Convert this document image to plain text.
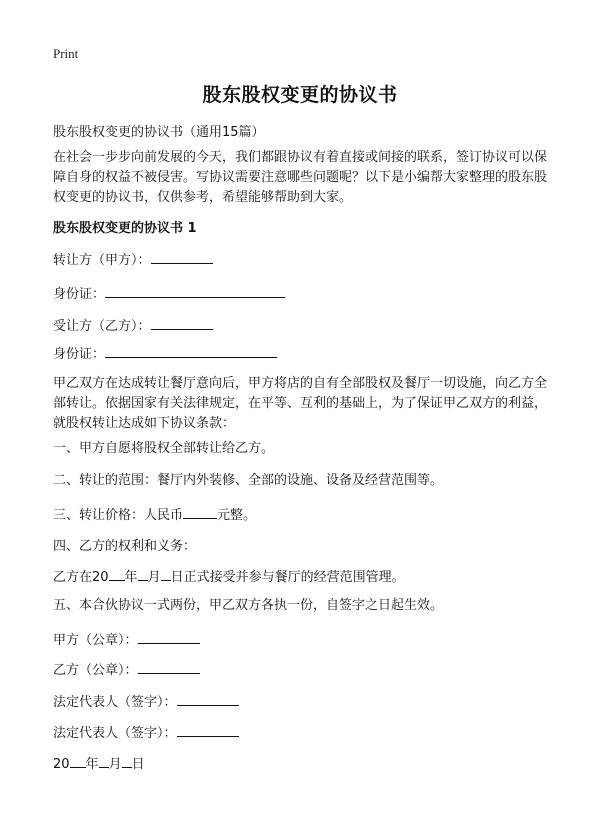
Print
股东股权变更的协议书
股东股权变更的协议书（通用15篇）
在社会一步步向前发展的今天，我们都跟协议有着直接或间接的联系，签订协议可以保障自身的权益不被侵害。写协议需要注意哪些问题呢？以下是小编帮大家整理的股东股权变更的协议书，仅供参考，希望能够帮助到大家。
股东股权变更的协议书 1
转让方（甲方）：
身份证：
受让方（乙方）：
身份证：
甲乙双方在达成转让餐厅意向后，甲方将店的自有全部股权及餐厅一切设施，向乙方全部转让。依据国家有关法律规定，在平等、互利的基础上，为了保证甲乙双方的利益，就股权转让达成如下协议条款：
一、甲方自愿将股权全部转让给乙方。
二、转让的范围：餐厅内外装修、全部的设施、设备及经营范围等。
三、转让价格：人民币	元整。
四、乙方的权利和义务：
乙方在20 年 月 日正式接受并参与餐厅的经营范围管理。
五、本合伙协议一式两份，甲乙双方各执一份，自签字之日起生效。
甲方（公章）：
乙方（公章）：
法定代表人（签字）：
法定代表人（签字）：
20 年 月 日
